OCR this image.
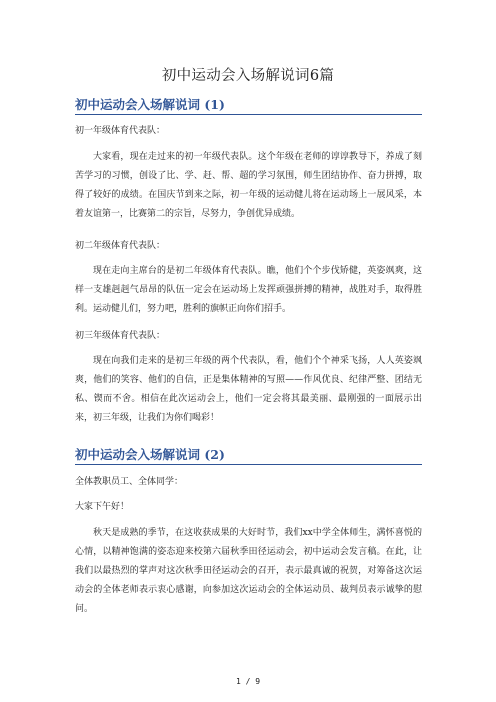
初中运动会入场解说词6篇
初中运动会入场解说词 (1)
初一年级体育代表队：
大家看，现在走过来的初一年级代表队。这个年级在老师的谆谆教导下，养成了刻苦学习的习惯，创设了比、学、赶、帮、超的学习氛围，师生团结协作、奋力拼搏，取得了较好的成绩。在国庆节到来之际，初一年级的运动健儿将在运动场上一展风采，本着友谊第一，比赛第二的宗旨，尽努力，争创优异成绩。
初二年级体育代表队：
现在走向主席台的是初二年级体育代表队。瞧，他们个个步伐矫健，英姿飒爽，这样一支雄赳赳气昂昂的队伍一定会在运动场上发挥顽强拼搏的精神，战胜对手，取得胜利。运动健儿们，努力吧，胜利的旗帜正向你们招手。
初三年级体育代表队：
现在向我们走来的是初三年级的两个代表队，看，他们个个神采飞扬，人人英姿飒爽，他们的笑容、他们的自信，正是集体精神的写照——作风优良、纪律严整、团结无私、锲而不舍。相信在此次运动会上，他们一定会将其最美丽、最刚强的一面展示出来，初三年级，让我们为你们喝彩！
初中运动会入场解说词 (2)
全体教职员工、全体同学：
大家下午好！
秋天是成熟的季节，在这收获成果的大好时节，我们xx中学全体师生，满怀喜悦的心情，以精神饱满的姿态迎来校第六届秋季田径运动会，初中运动会发言稿。在此，让我们以最热烈的掌声对这次秋季田径运动会的召开，表示最真诚的祝贺，对筹备这次运动会的全体老师表示衷心感谢，向参加这次运动会的全体运动员、裁判员表示诚挚的慰问。
1 / 9
